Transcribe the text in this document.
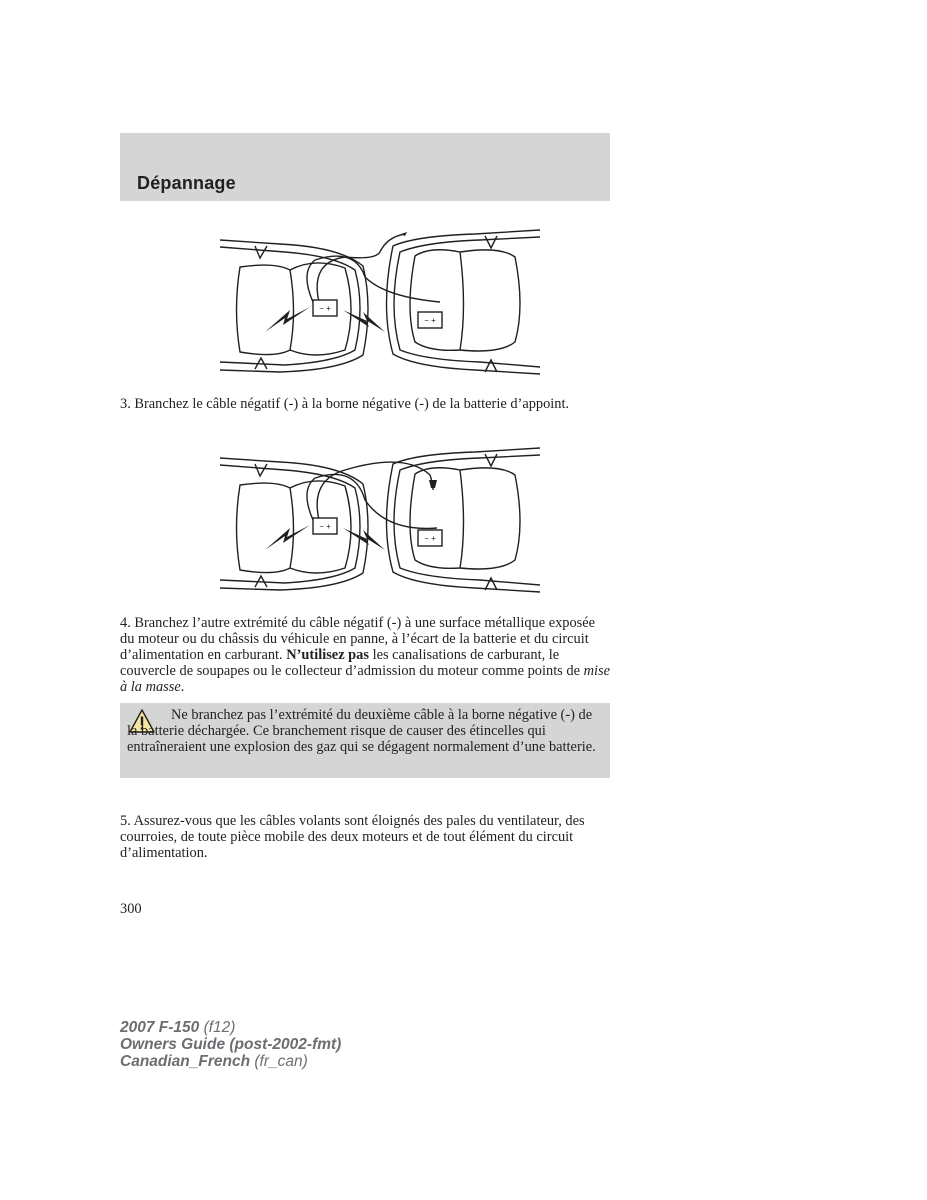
Dépannage
− +
− +

3. Branchez le câble négatif (-) à la borne négative (-) de la batterie d’appoint.

− +
− +

4. Branchez l’autre extrémité du câble négatif (-) à une surface métallique exposée du moteur ou du châssis du véhicule en panne, à l’écart de la batterie et du circuit d’alimentation en carburant. N’utilisez pas les canalisations de carburant, le couvercle de soupapes ou le collecteur d’admission du moteur comme points de mise à la masse.

Ne branchez pas l’extrémité du deuxième câble à la borne négative (-) de la batterie déchargée. Ce branchement risque de causer des étincelles qui entraîneraient une explosion des gaz qui se dégagent normalement d’une batterie.

5. Assurez-vous que les câbles volants sont éloignés des pales du ventilateur, des courroies, de toute pièce mobile des deux moteurs et de tout élément du circuit d’alimentation.

300
2007 F-150 (f12)
Owners Guide (post-2002-fmt)
Canadian_French (fr_can)
